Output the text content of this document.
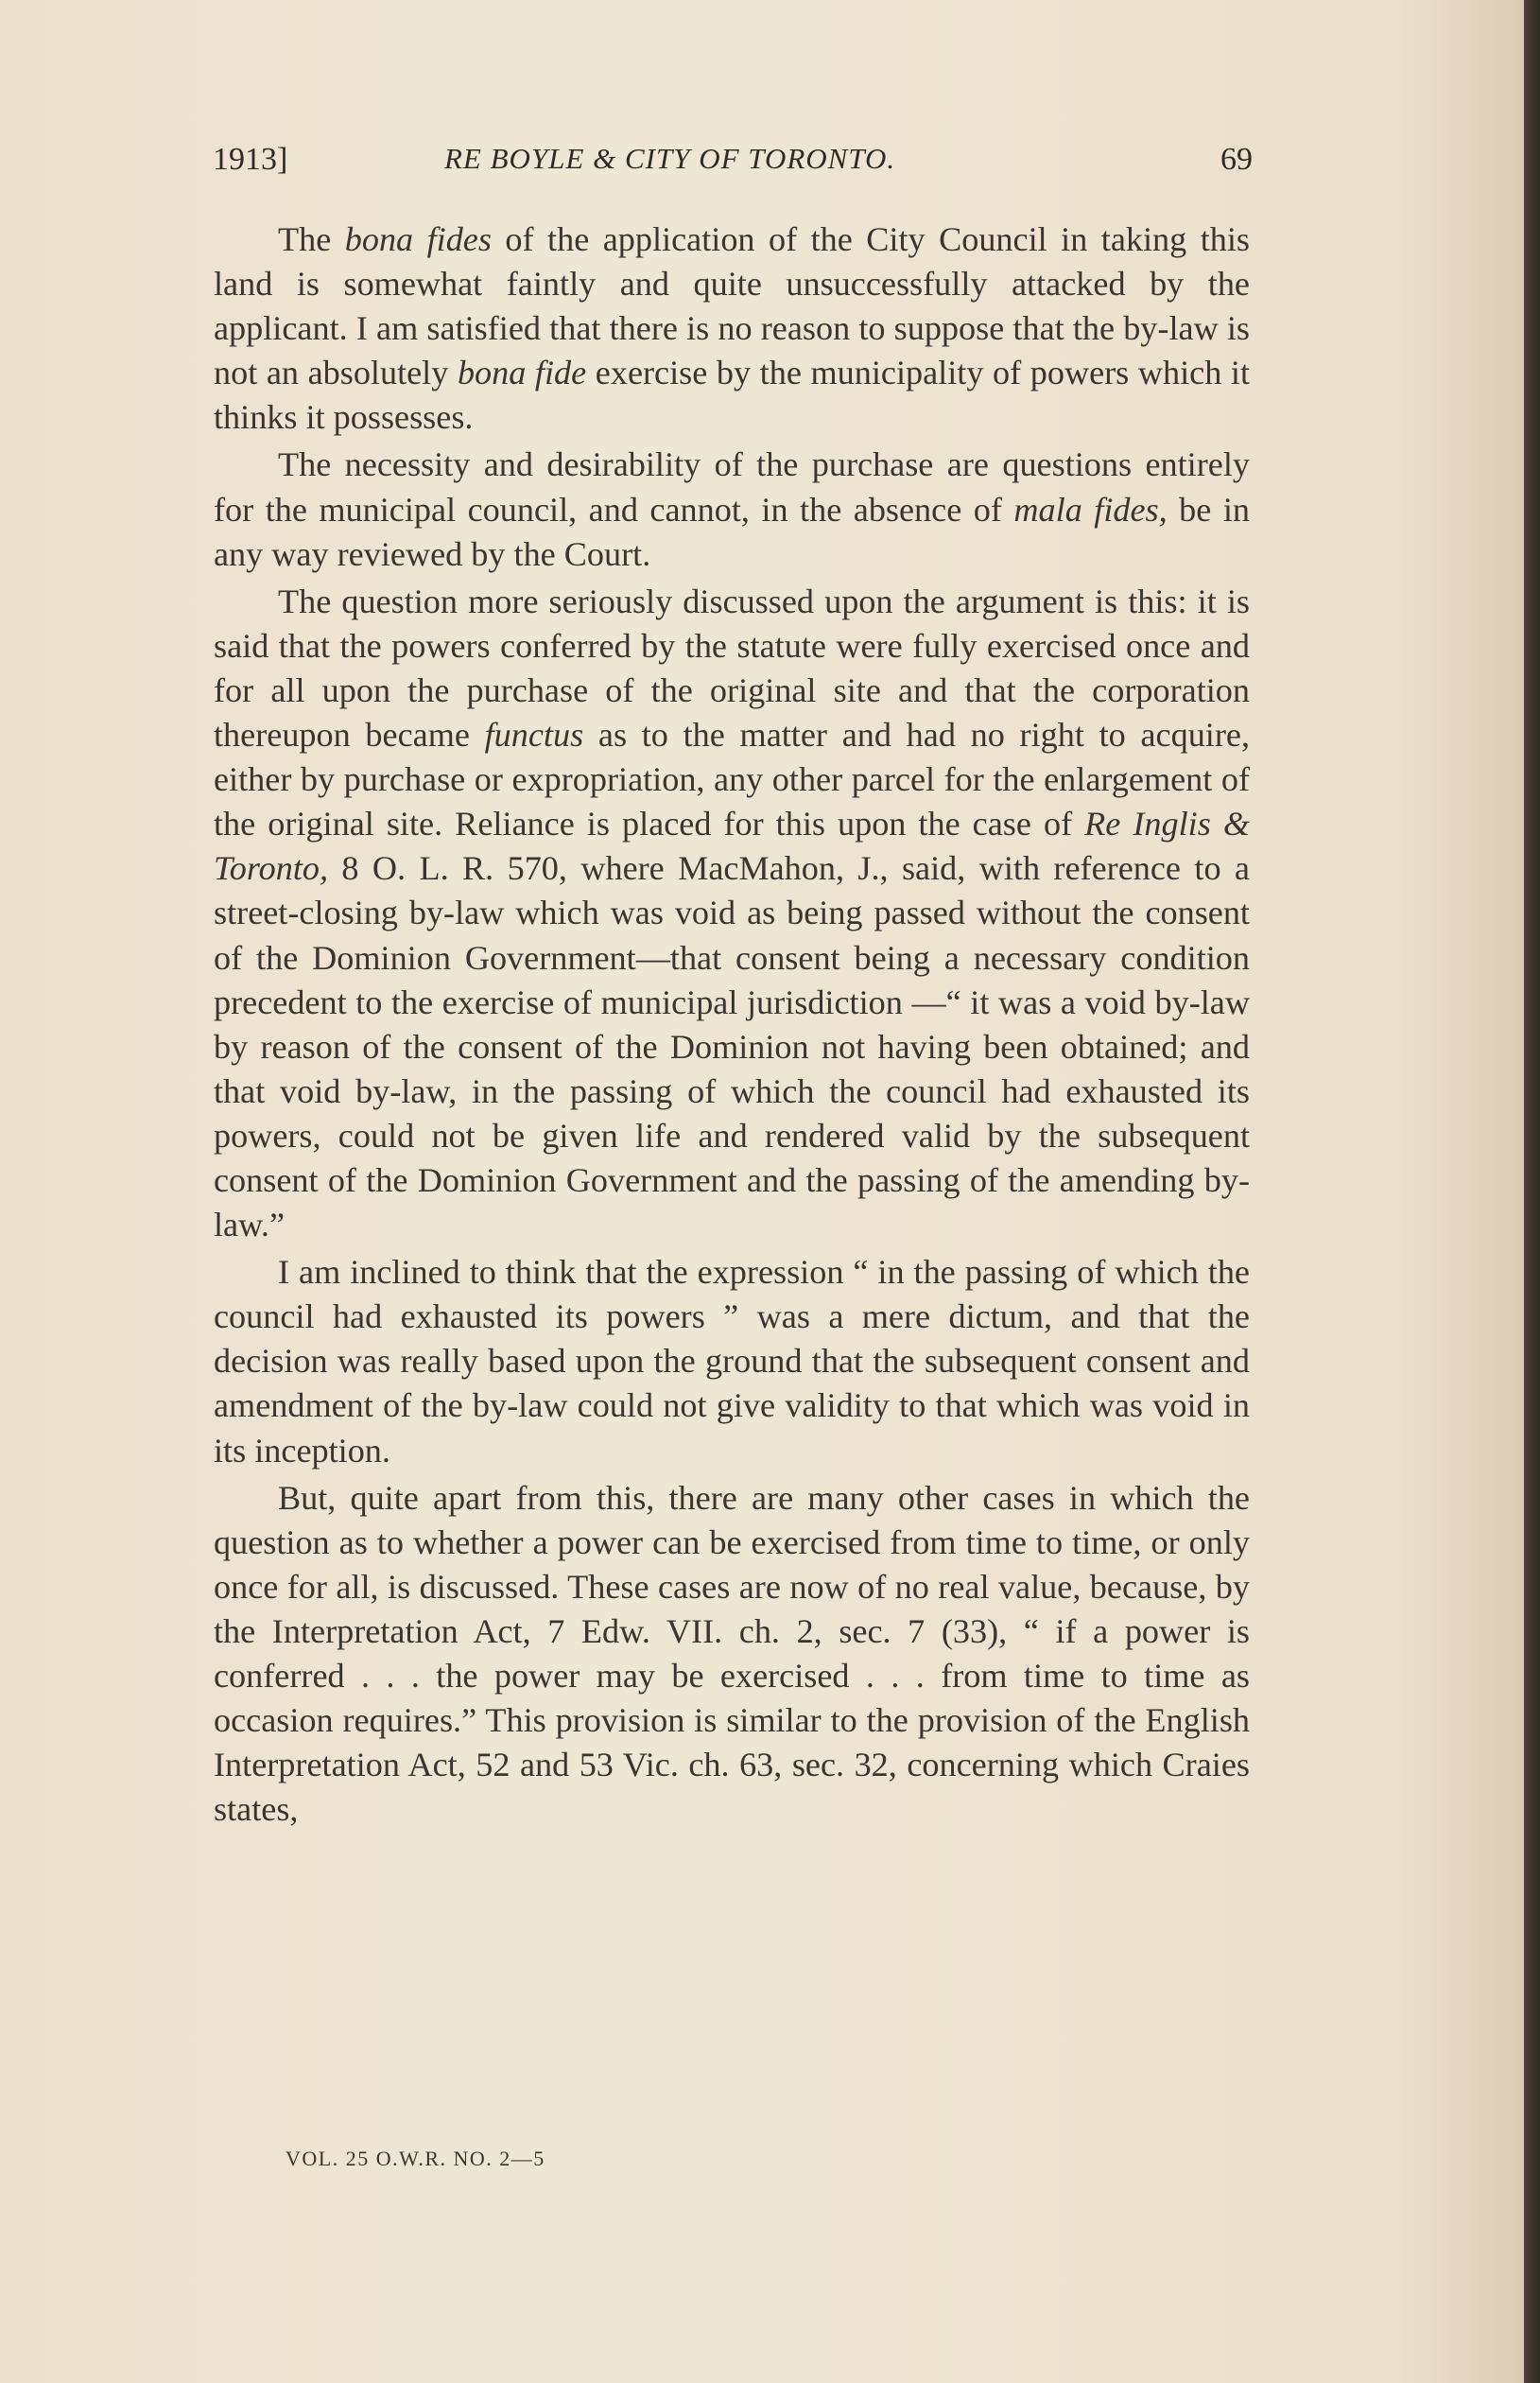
1913]	RE BOYLE & CITY OF TORONTO.	69

The bona fides of the application of the City Council in taking this land is somewhat faintly and quite unsuccessfully attacked by the applicant. I am satisfied that there is no reason to suppose that the by-law is not an absolutely bona fide exercise by the municipality of powers which it thinks it possesses.

The necessity and desirability of the purchase are questions entirely for the municipal council, and cannot, in the absence of mala fides, be in any way reviewed by the Court.

The question more seriously discussed upon the argument is this: it is said that the powers conferred by the statute were fully exercised once and for all upon the purchase of the original site and that the corporation thereupon became functus as to the matter and had no right to acquire, either by purchase or expropriation, any other parcel for the enlargement of the original site. Reliance is placed for this upon the case of Re Inglis & Toronto, 8 O. L. R. 570, where MacMahon, J., said, with reference to a street-closing by-law which was void as being passed without the consent of the Dominion Government—that consent being a necessary condition precedent to the exercise of municipal jurisdiction —“ it was a void by-law by reason of the consent of the Dominion not having been obtained; and that void by-law, in the passing of which the council had exhausted its powers, could not be given life and rendered valid by the subsequent consent of the Dominion Government and the passing of the amending by-law.”

I am inclined to think that the expression “ in the passing of which the council had exhausted its powers ” was a mere dictum, and that the decision was really based upon the ground that the subsequent consent and amendment of the by-law could not give validity to that which was void in its inception.

But, quite apart from this, there are many other cases in which the question as to whether a power can be exercised from time to time, or only once for all, is discussed. These cases are now of no real value, because, by the Interpretation Act, 7 Edw. VII. ch. 2, sec. 7 (33), “ if a power is conferred . . . the power may be exercised . . . from time to time as occasion requires.” This provision is similar to the provision of the English Interpretation Act, 52 and 53 Vic. ch. 63, sec. 32, concerning which Craies states,

VOL. 25 O.W.R. NO. 2—5
